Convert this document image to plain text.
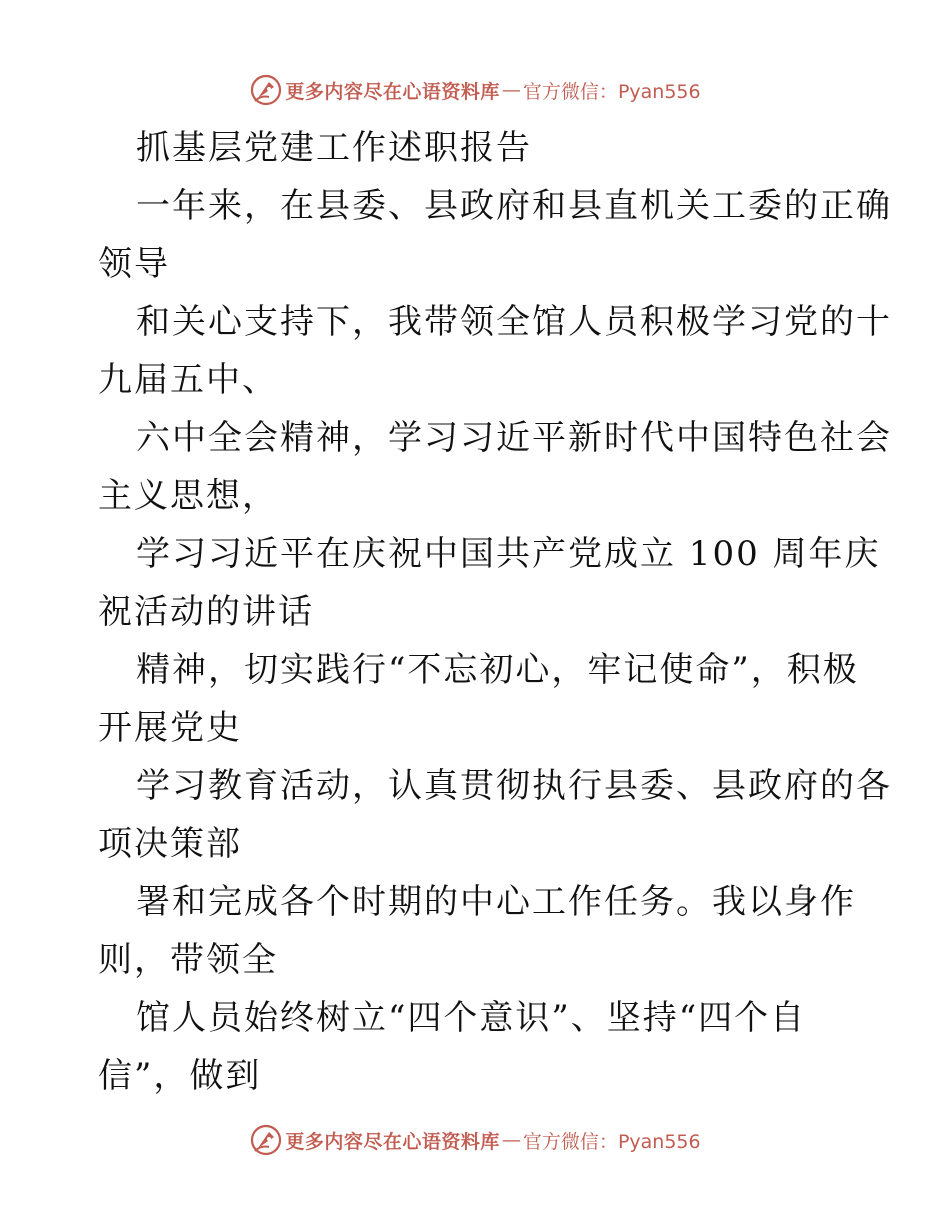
更多内容尽在心语资料库 — 官方微信：Pyan556
抓基层党建工作述职报告
一年来，在县委、县政府和县直机关工委的正确
领导
和关心支持下，我带领全馆人员积极学习党的十
九届五中、
六中全会精神，学习习近平新时代中国特色社会
主义思想，
学习习近平在庆祝中国共产党成立 100 周年庆
祝活动的讲话
精神，切实践行“不忘初心，牢记使命”，积极
开展党史
学习教育活动，认真贯彻执行县委、县政府的各
项决策部
署和完成各个时期的中心工作任务。我以身作
则，带领全
馆人员始终树立“四个意识”、坚持“四个自
信”，做到
更多内容尽在心语资料库 — 官方微信：Pyan556
